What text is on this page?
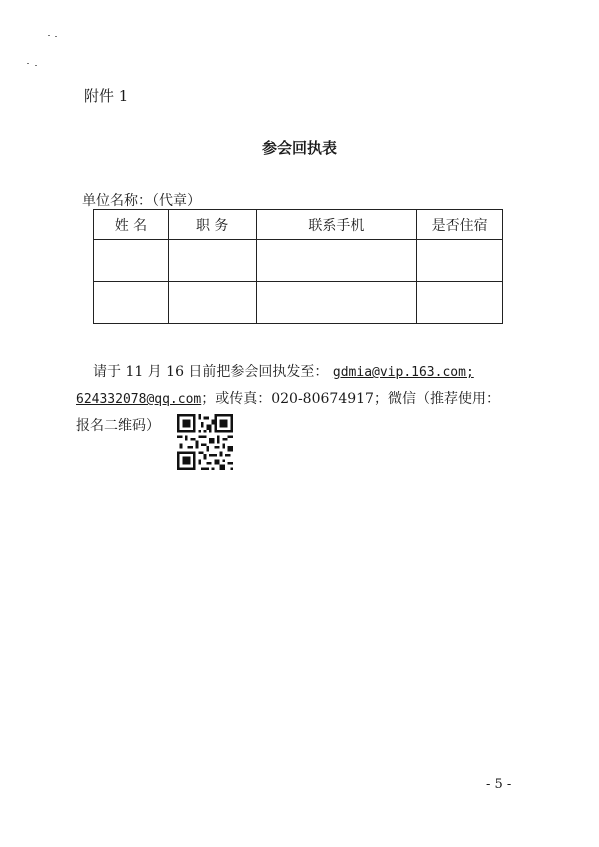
附件 1
参会回执表
单位名称：（代章）
姓 名	职 务	联系手机	是否住宿

请于 11 月 16 日前把参会回执发至： gdmia@vip.163.com;
624332078@qq.com；或传真：020-80674917；微信（推荐使用：
报名二维码）
- 5 -
